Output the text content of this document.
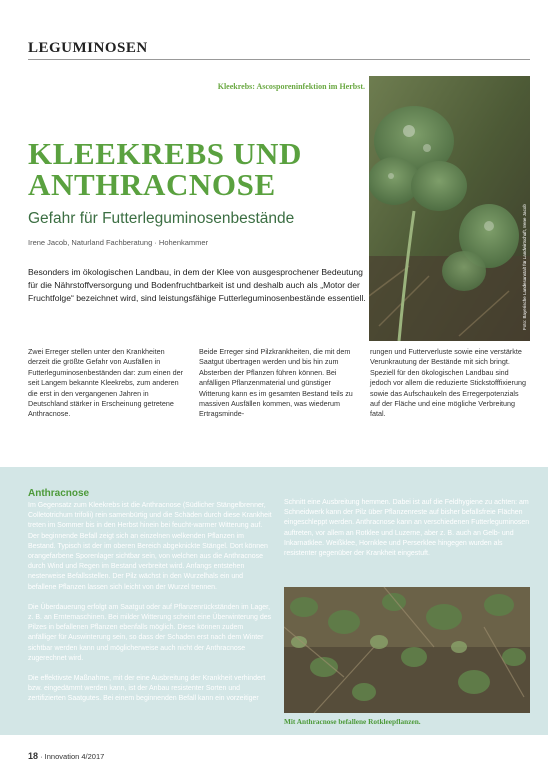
LEGUMINOSEN
Kleekrebs: Ascosporeninfektion im Herbst.
Foto: Bayerische Landesanstalt für Landwirtschaft, Irene Jacob
KLEEKREBS UND
ANTHRACNOSE
Gefahr für Futterleguminosenbestände
Irene Jacob, Naturland Fachberatung · Hohenkammer
Besonders im ökologischen Landbau, in dem der Klee von ausgesprochener Bedeutung für die Nährstoffversorgung und Bodenfruchtbarkeit ist und deshalb auch als „Motor der Fruchtfolge“ bezeichnet wird, sind leistungsfähige Futterleguminosenbestände essentiell.
Zwei Erreger stellen unter den Krankheiten derzeit die größte Gefahr von Ausfällen in Futterleguminosenbeständen dar: zum einen der seit Langem bekannte Kleekrebs, zum anderen die erst in den vergangenen Jahren in Deutschland stärker in Erscheinung getretene Anthracnose.
Beide Erreger sind Pilzkrankheiten, die mit dem Saatgut übertragen werden und bis hin zum Absterben der Pflanzen führen können. Bei anfälligen Pflanzenmaterial und günstiger Witterung kann es im gesamten Bestand teils zu massiven Ausfällen kommen, was wiederum Ertragsminde-
rungen und Futterverluste sowie eine verstärkte Verunkrautung der Bestände mit sich bringt. Speziell für den ökologischen Landbau sind jedoch vor allem die reduzierte Stickstofffixierung sowie das Aufschaukeln des Erregerpotenzials auf der Fläche und eine mögliche Verbreitung fatal.
Anthracnose

Im Gegensatz zum Kleekrebs ist die Anthracnose (Südlicher Stängelbrenner, Colletotrichum trifolii) rein samenbürtig und die Schäden durch diese Krankheit treten im Sommer bis in den Herbst hinein bei feucht-warmer Witterung auf. Der beginnende Befall zeigt sich an einzelnen welkenden Pflanzen im Bestand. Typisch ist der im oberen Bereich abgeknickte Stängel. Dort können orangefarbene Sporenlager sichtbar sein, von welchen aus die Anthracnose durch Wind und Regen im Bestand verbreitet wird. Anfangs entstehen nesterweise Befallsstellen. Der Pilz wächst in den Wurzelhals ein und befallene Pflanzen lassen sich leicht von der Wurzel trennen.

Die Überdauerung erfolgt am Saatgut oder auf Pflanzenrückständen im Lager, z. B. an Erntemaschinen. Bei milder Witterung scheint eine Überwinterung des Pilzes in befallenen Pflanzen ebenfalls möglich. Diese können zudem anfälliger für Auswinterung sein, so dass der Schaden erst nach dem Winter sichtbar werden kann und möglicherweise auch nicht der Anthracnose zugerechnet wird.

Die effektivste Maßnahme, mit der eine Ausbreitung der Krankheit verhindert bzw. eingedämmt werden kann, ist der Anbau resistenter Sorten und zertifizierten Saatgutes. Bei einem beginnenden Befall kann ein vorzeitiger

Schnitt eine Ausbreitung hemmen. Dabei ist auf die Feldhygiene zu achten: am Schneidwerk kann der Pilz über Pflanzenreste auf bisher befallsfreie Flächen eingeschleppt werden. Anthracnose kann an verschiedenen Futterleguminosen auftreten, vor allem an Rotklee und Luzerne, aber z. B. auch an Gelb- und Inkarnatklee. Weißklee, Hornklee und Perserklee hingegen wurden als resistenter gegenüber der Krankheit eingestuft.

Mit Anthracnose befallene Rotkleepflanzen.
18 · Innovation 4/2017
